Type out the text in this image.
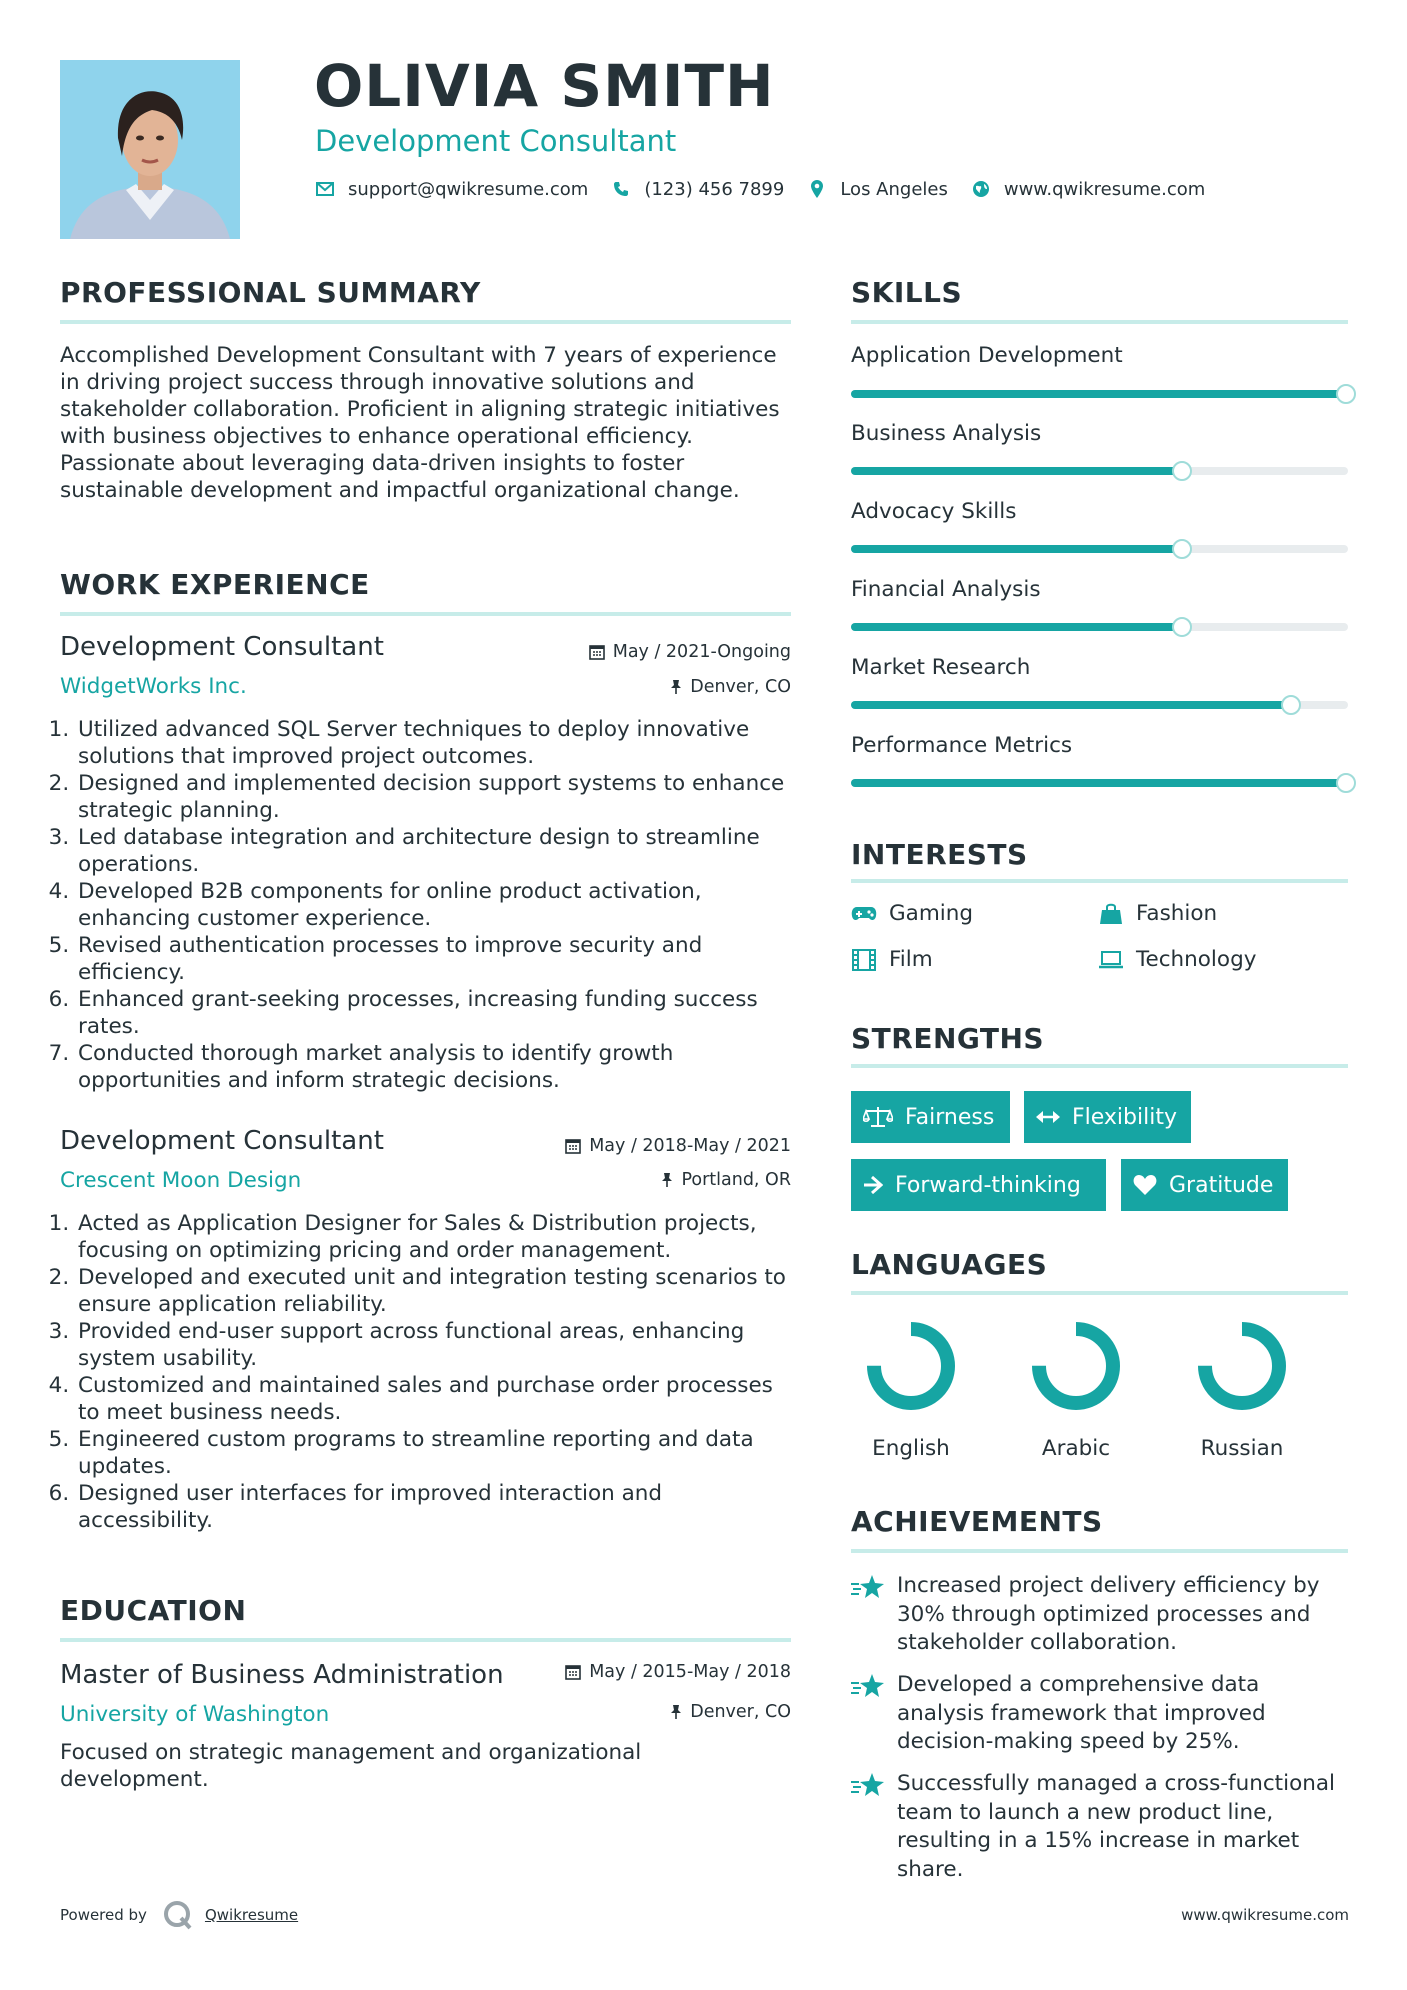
OLIVIA SMITH
Development Consultant
support@qwikresume.com	(123) 456 7899	Los Angeles	www.qwikresume.com
PROFESSIONAL SUMMARY
Accomplished Development Consultant with 7 years of experience in driving project success through innovative solutions and stakeholder collaboration. Proficient in aligning strategic initiatives with business objectives to enhance operational efficiency. Passionate about leveraging data-driven insights to foster sustainable development and impactful organizational change.
WORK EXPERIENCE
Development Consultant
WidgetWorks Inc.
May / 2021-Ongoing
Denver, CO
1. Utilized advanced SQL Server techniques to deploy innovative solutions that improved project outcomes.
2. Designed and implemented decision support systems to enhance strategic planning.
3. Led database integration and architecture design to streamline operations.
4. Developed B2B components for online product activation, enhancing customer experience.
5. Revised authentication processes to improve security and efficiency.
6. Enhanced grant-seeking processes, increasing funding success rates.
7. Conducted thorough market analysis to identify growth opportunities and inform strategic decisions.
Development Consultant
Crescent Moon Design
May / 2018-May / 2021
Portland, OR
1. Acted as Application Designer for Sales & Distribution projects, focusing on optimizing pricing and order management.
2. Developed and executed unit and integration testing scenarios to ensure application reliability.
3. Provided end-user support across functional areas, enhancing system usability.
4. Customized and maintained sales and purchase order processes to meet business needs.
5. Engineered custom programs to streamline reporting and data updates.
6. Designed user interfaces for improved interaction and accessibility.
EDUCATION
Master of Business Administration
University of Washington
May / 2015-May / 2018
Denver, CO
Focused on strategic management and organizational development.
SKILLS
Application Development
Business Analysis
Advocacy Skills
Financial Analysis
Market Research
Performance Metrics
INTERESTS
Gaming	Fashion
Film	Technology
STRENGTHS
Fairness	Flexibility
Forward-thinking	Gratitude
LANGUAGES
English	Arabic	Russian
ACHIEVEMENTS
Increased project delivery efficiency by 30% through optimized processes and stakeholder collaboration.
Developed a comprehensive data analysis framework that improved decision-making speed by 25%.
Successfully managed a cross-functional team to launch a new product line, resulting in a 15% increase in market share.
Powered by	Qwikresume	www.qwikresume.com
